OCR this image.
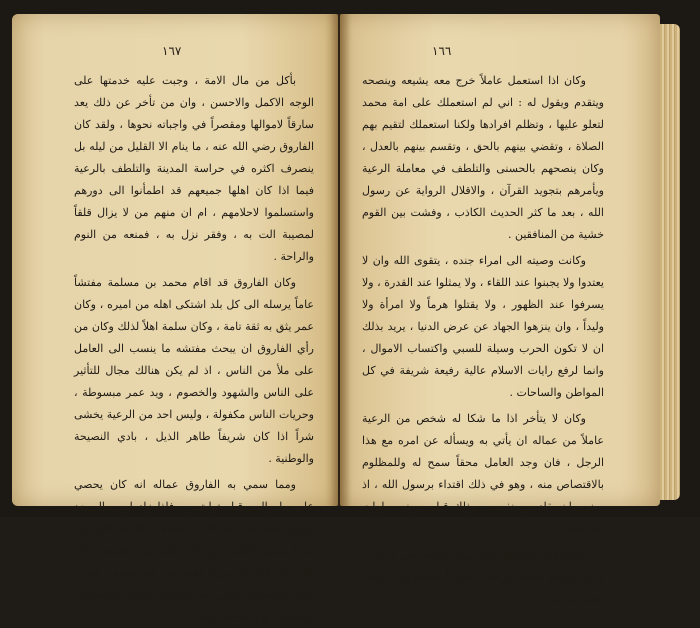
١٦٧

بأكل من مال الامة ، وجبت عليه خدمتها على الوجه الاكمل والاحسن ، وان من تأخر عن ذلك يعد سارقاً لاموالها ومقصراً في واجباته نحوها ، ولقد كان الفاروق رضي الله عنه ، ما ينام الا القليل من ليله بل ينصرف اكثره في حراسة المدينة والتلطف بالرعية فيما اذا كان اهلها جميعهم قد اطمأنوا الى دورهم واستسلموا لاحلامهم ، ام ان منهم من لا يزال قلقاً لمصيبة الت به ، وفقر نزل به ، فمنعه من النوم والراحة .

وكان الفاروق قد اقام محمد بن مسلمة مفتشاً عاماً يرسله الى كل بلد اشتكى اهله من اميره ، وكان عمر يثق به ثقة تامة ، وكان سلمة اهلاً لذلك وكان من رأي الفاروق ان يبحث مفتشه ما ينسب الى العامل على ملأ من الناس ، اذ لم يكن هنالك مجال للتأثير على الناس والشهود والخصوم ، ويد عمر مبسوطة ، وحريات الناس مكفولة ، وليس احد من الرعية يخشى شراً اذا كان شريفاً طاهر الذيل ، بادي النصيحة والوطنية .

ومما سمي به الفاروق عماله انه كان يحصي عليهم اموالهم قبل توليتهم ، فاذا زاد لهم مال بعد ولايتهم صادرهم عليه كله او بعضه ، ذلك انه كان يرى ان لا يتناول العامل من مال الامة فوق كفايته ، فاذا كثر ماله كان اما مريباً اخذه من غير محله ، فيرث مال المسلمين اولى به فيوفيهم اليتيم والمسكين والضعيف وذو الحاجة واما

١٦٦

وكان اذا استعمل عاملاً خرج معه يشيعه وينصحه ويتقدم ويقول له : اني لم استعملك على امة محمد لتعلو عليها ، وتظلم افرادها ولكنا استعملك لتقيم بهم الصلاة ، وتقضي بينهم بالحق ، وتقسم بينهم بالعدل ، وكان ينصحهم بالحسنى والتلطف في معاملة الرعية ويأمرهم بتجويد القرآن ، والاقلال الرواية عن رسول الله ، بعد ما كثر الحديث الكاذب ، وفشت بين القوم خشية من المنافقين .

وكانت وصيته الى امراء جنده ، يتقوى الله وان لا يعتدوا ولا يجبنوا عند اللقاء ، ولا يمثلوا عند القدرة ، ولا يسرفوا عند الظهور ، ولا يقتلوا هرماً ولا امرأة ولا وليداً ، وان ينزهوا الجهاد عن عرض الدنيا ، يريد بذلك ان لا تكون الحرب وسيلة للسبي واكتساب الاموال ، وانما لرفع رايات الاسلام عالية رفيعة شريفة في كل المواطن والساحات .

وكان لا يتأخر اذا ما شكا له شخص من الرعية عاملاً من عماله ان يأتي به ويسأله عن امره مع هذا الرجل ، فان وجد العامل محقاً سمح له وللمظلوم بالاقتصاص منه ، وهو في ذلك اقتداء برسول الله ، اذ رضي بان يقاد من نفسه ، وذلك قبل مرضه صلوات الله عليه .

والواقع ان الفاروق كان يريد عماله على غراره ، وكان يريدهم خداماً للرعية لا اسياداً يستعبدونها ، وكان يعتقد ان من
